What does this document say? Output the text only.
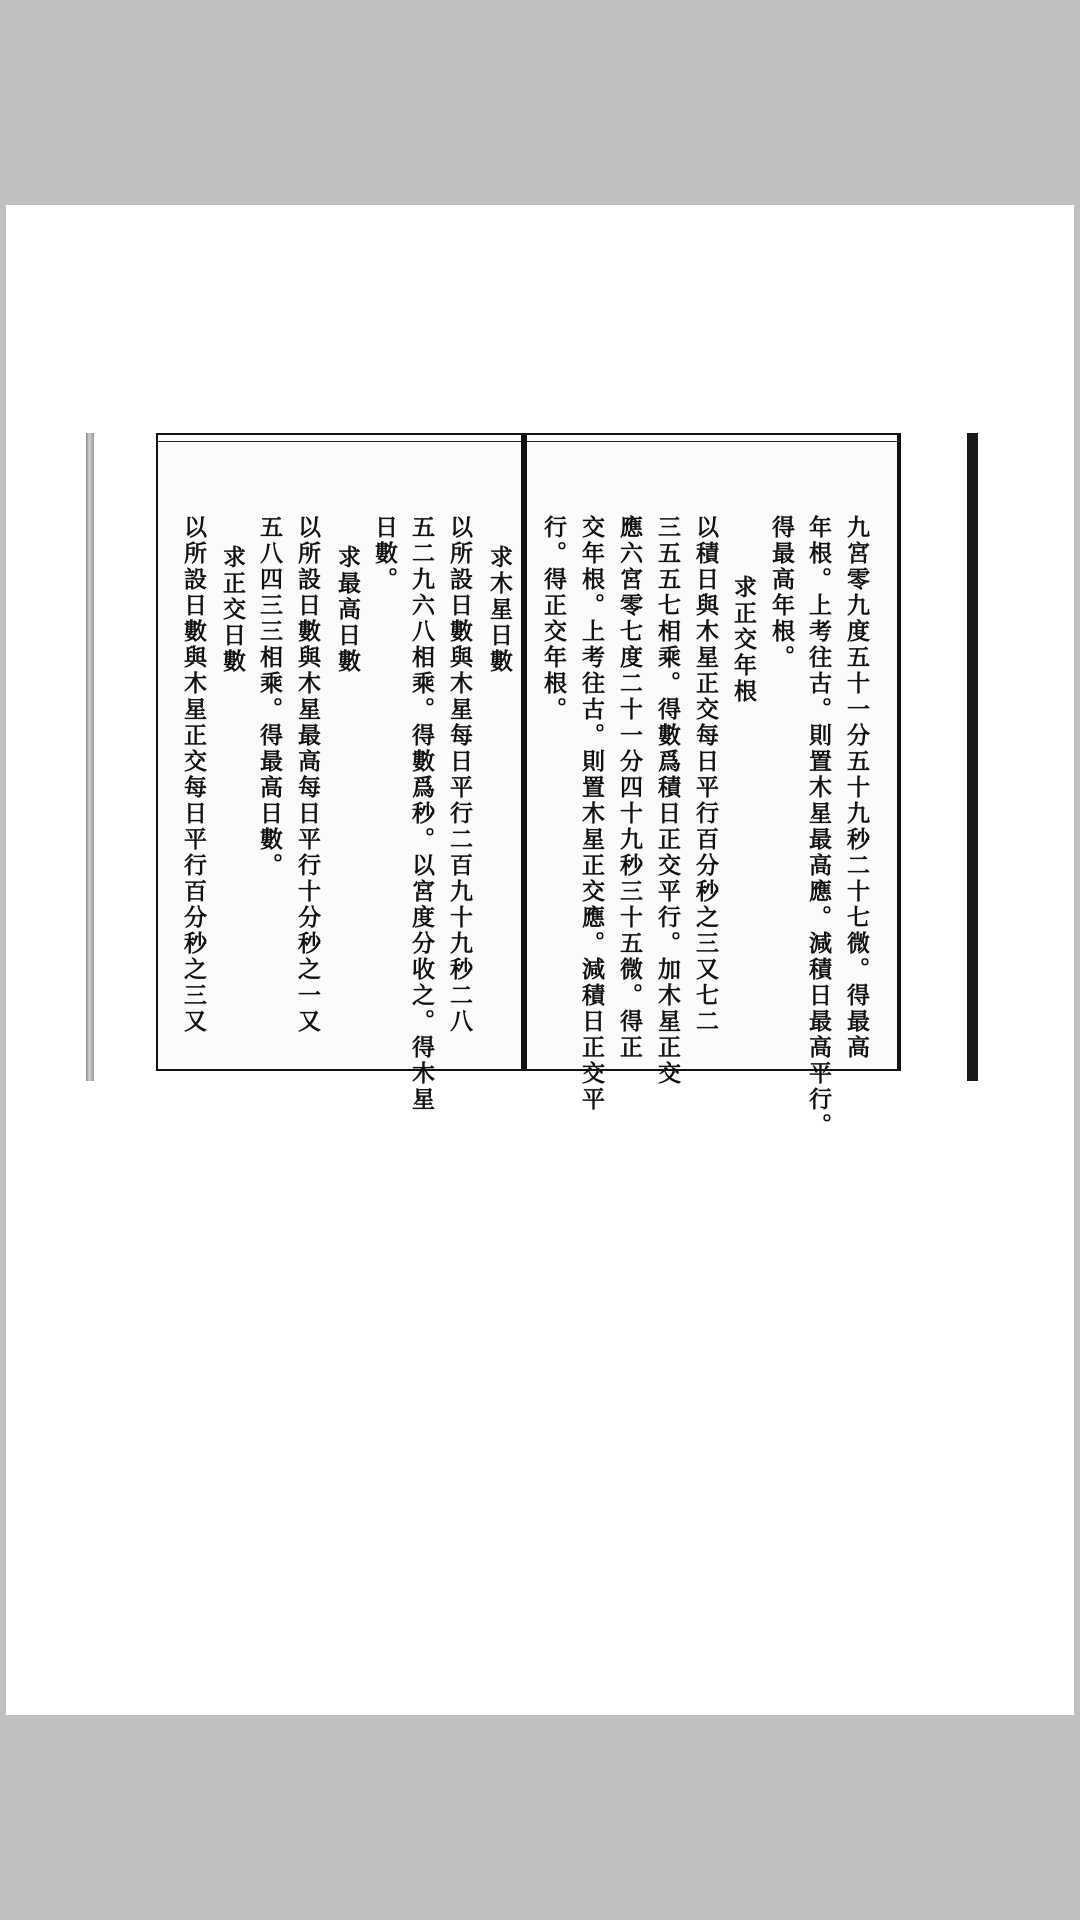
求木星日數
以所設日數與木星每日平行二百九十九秒二八
五二九六八相乘。得數爲秒。以宮度分收之。得木星
日數。
求最高日數
以所設日數與木星最高每日平行十分秒之一又
五八四三三相乘。得最高日數。
求正交日數
以所設日數與木星正交每日平行百分秒之三又	九宮零九度五十一分五十九秒二十七微。得最高
年根。上考往古。則置木星最高應。減積日最高平行。
得最高年根。
求正交年根
以積日與木星正交每日平行百分秒之三又七二
三五五七相乘。得數爲積日正交平行。加木星正交
應六宮零七度二十一分四十九秒三十五微。得正
交年根。上考往古。則置木星正交應。減積日正交平
行。得正交年根。
